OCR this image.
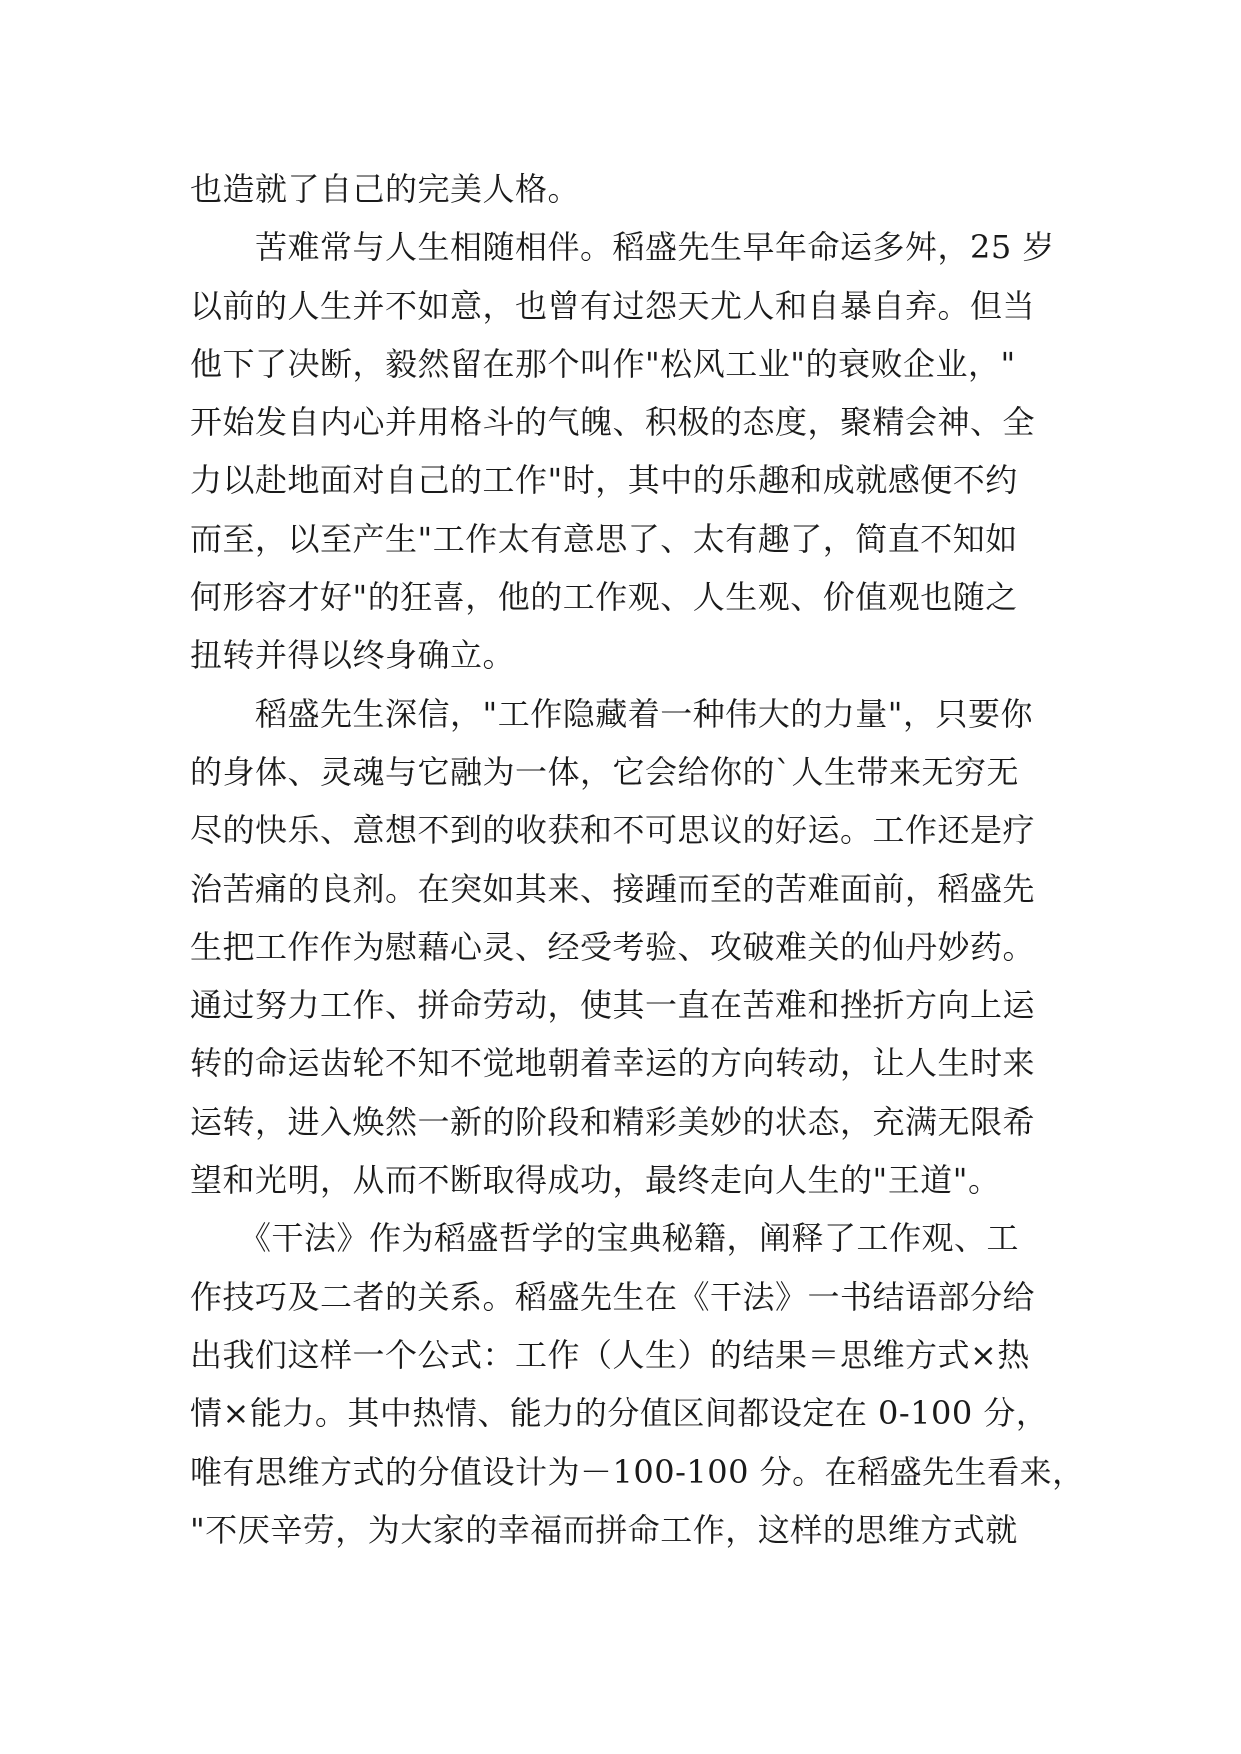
也造就了自己的完美人格。
　　苦难常与人生相随相伴。稻盛先生早年命运多舛，25 岁
以前的人生并不如意，也曾有过怨天尤人和自暴自弃。但当
他下了决断，毅然留在那个叫作"松风工业"的衰败企业，"
开始发自内心并用格斗的气魄、积极的态度，聚精会神、全
力以赴地面对自己的工作"时，其中的乐趣和成就感便不约
而至，以至产生"工作太有意思了、太有趣了，简直不知如
何形容才好"的狂喜，他的工作观、人生观、价值观也随之
扭转并得以终身确立。
　　稻盛先生深信，"工作隐藏着一种伟大的力量"，只要你
的身体、灵魂与它融为一体，它会给你的`人生带来无穷无
尽的快乐、意想不到的收获和不可思议的好运。工作还是疗
治苦痛的良剂。在突如其来、接踵而至的苦难面前，稻盛先
生把工作作为慰藉心灵、经受考验、攻破难关的仙丹妙药。
通过努力工作、拼命劳动，使其一直在苦难和挫折方向上运
转的命运齿轮不知不觉地朝着幸运的方向转动，让人生时来
运转，进入焕然一新的阶段和精彩美妙的状态，充满无限希
望和光明，从而不断取得成功，最终走向人生的"王道"。
　　《干法》作为稻盛哲学的宝典秘籍，阐释了工作观、工
作技巧及二者的关系。稻盛先生在《干法》一书结语部分给
出我们这样一个公式：工作（人生）的结果＝思维方式×热
情×能力。其中热情、能力的分值区间都设定在 0-100 分，
唯有思维方式的分值设计为－100-100 分。在稻盛先生看来，
"不厌辛劳，为大家的幸福而拼命工作，这样的思维方式就
